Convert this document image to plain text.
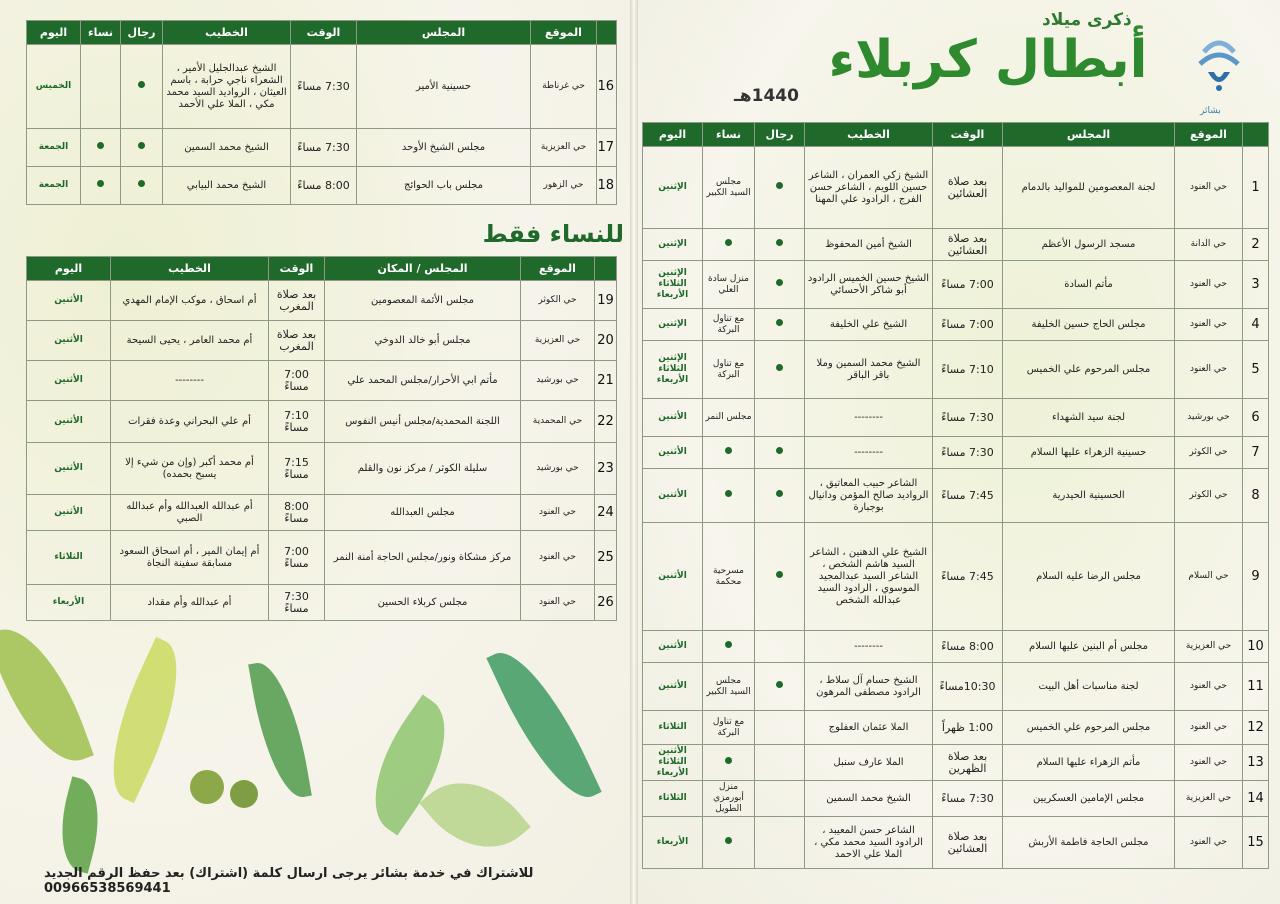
ذكرى ميلاد
أبطال كربلاء
1440هـ
بشائر
للنساء فقط
	الموقع	المجلس	الوقت	الخطيب	رجال	نساء	اليوم
1	حي العنود	لجنة المعصومين للمواليد بالدمام	بعد صلاة العشائين	الشيخ زكي العمران ، الشاعر حسين اللويم ، الشاعر حسن الفرج ، الرادود علي المهنا		مجلس السيد الكبير	الإثنين
2	حي الدانة	مسجد الرسول الأعظم	بعد صلاة العشائين	الشيخ أمين المحفوظ			الإثنين
3	حي العنود	مأتم السادة	7:00 مساءً	الشيخ حسين الخميس الرادود أبو شاكر الأحسائي		منزل سادة العلي	الإثنين الثلاثاء الأربعاء
4	حي العنود	مجلس الحاج حسين الخليفة	7:00 مساءً	الشيخ علي الخليفة		مع تناول البركة	الإثنين
5	حي العنود	مجلس المرحوم علي الخميس	7:10 مساءً	الشيخ محمد السمين وملا باقر الباقر		مع تناول البركة	الإثنين الثلاثاء الأربعاء
6	حي بورشيد	لجنة سيد الشهداء	7:30 مساءً	--------		مجلس النمر	الأثنين
7	حي الكوثر	حسينية الزهراء عليها السلام	7:30 مساءً	--------			الأثنين
8	حي الكوثر	الحسينية الحيدرية	7:45 مساءً	الشاعر حبيب المعاتيق ، الرواديد صالح المؤمن ودانيال بوجبارة			الأثنين
9	حي السلام	مجلس الرضا عليه السلام	7:45 مساءً	الشيخ علي الدهنين ، الشاعر السيد هاشم الشخص ، الشاعر السيد عبدالمجيد الموسوي ، الرادود السيد عبدالله الشخص		مسرحية محكمة	الأثنين
10	حي العزيزية	مجلس أم البنين عليها السلام	8:00 مساءً	--------			الأثنين
11	حي العنود	لجنة مناسبات أهل البيت	10:30مساءً	الشيخ حسام آل سلاط ، الرادود مصطفى المرهون		مجلس السيد الكبير	الأثنين
12	حي العنود	مجلس المرحوم علي الخميس	1:00 ظهراً	الملا عثمان العفلوج		مع تناول البركة	الثلاثاء
13	حي العنود	مأتم الزهراء عليها السلام	بعد صلاة الظهرين	الملا عارف سنبل			الأثنين الثلاثاء الأربعاء
14	حي العزيزية	مجلس الإمامين العسكريين	7:30 مساءً	الشيخ محمد السمين		منزل أبورمزي الطويل	الثلاثاء
15	حي العنود	مجلس الحاجة فاطمة الأربش	بعد صلاة العشائين	الشاعر حسن المعيبد ، الرادود السيد محمد مكي ، الملا علي الاحمد			الأربعاء
	الموقع	المجلس	الوقت	الخطيب	رجال	نساء	اليوم
16	حي غرناطة	حسينية الأمير	7:30 مساءً	الشيخ عبدالجليل الأمير ، الشعراء ناجي حرابة ، باسم العيثان ، الرواديد السيد محمد مكي ، الملا علي الأحمد			الخميس
17	حي العزيزية	مجلس الشيخ الأوحد	7:30 مساءً	الشيخ محمد السمين			الجمعة
18	حي الزهور	مجلس باب الحوائج	8:00 مساءً	الشيخ محمد البيابي			الجمعة
	الموقع	المجلس / المكان	الوقت	الخطيب	اليوم
19	حي الكوثر	مجلس الأئمة المعصومين	بعد صلاة المغرب	أم اسحاق ، موكب الإمام المهدي	الأثنين
20	حي العزيزية	مجلس أبو خالد الدوخي	بعد صلاة المغرب	أم محمد العامر ، يحيى السيحة	الأثنين
21	حي بورشيد	مأتم ابي الأحرار/مجلس المحمد علي	7:00 مساءً	--------	الأثنين
22	حي المحمدية	اللجنة المحمدية/مجلس أنيس النفوس	7:10 مساءً	أم علي البحراني وعدة فقرات	الأثنين
23	حي بورشيد	سليلة الكوثر / مركز نون والقلم	7:15 مساءً	أم محمد أكبر (وإن من شيء إلا يسبح بحمده)	الأثنين
24	حي العنود	مجلس العبدالله	8:00 مساءً	أم عبدالله العبدالله وأم عبدالله الصبي	الأثنين
25	حي العنود	مركز مشكاة ونور/مجلس الحاجة أمنة النمر	7:00 مساءً	أم إيمان المير ، أم اسحاق السعود مسابقة سفينة النجاة	الثلاثاء
26	حي العنود	مجلس كربلاء الحسين	7:30 مساءً	أم عبدالله وأم مقداد	الأربعاء
للاشتراك في خدمة بشائر يرجى ارسال كلمة (اشتراك) بعد حفظ الرقم الجديد 00966538569441
